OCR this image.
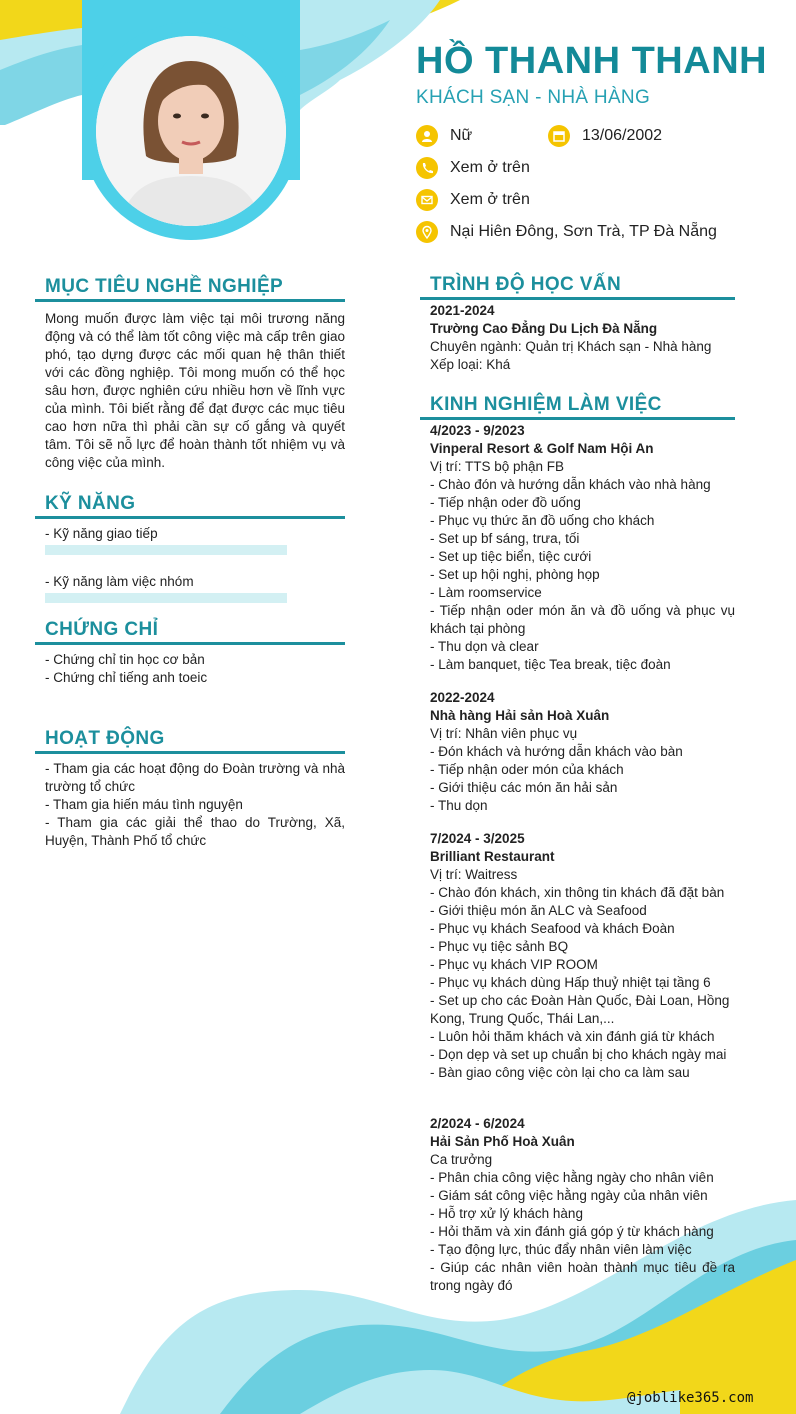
HỒ THANH THANH
KHÁCH SẠN - NHÀ HÀNG
Nữ	13/06/2002
Xem ở trên
Xem ở trên
Nại Hiên Đông, Sơn Trà, TP Đà Nẵng
MỤC TIÊU NGHỀ NGHIỆP
Mong muốn được làm việc tại môi trương năng động và có thể làm tốt công việc mà cấp trên giao phó, tạo dựng được các mối quan hệ thân thiết với các đồng nghiệp. Tôi mong muốn có thể học sâu hơn, được nghiên cứu nhiều hơn về lĩnh vực của mình. Tôi biết rằng để đạt được các mục tiêu cao hơn nữa thì phải cần sự cố gắng và quyết tâm. Tôi sẽ nỗ lực để hoàn thành tốt nhiệm vụ và công việc của mình.
KỸ NĂNG
- Kỹ năng giao tiếp
- Kỹ năng làm việc nhóm
CHỨNG CHỈ
- Chứng chỉ tin học cơ bản
- Chứng chỉ tiếng anh toeic
HOẠT ĐỘNG
- Tham gia các hoạt động do Đoàn trường và nhà trường tổ chức
- Tham gia hiến máu tình nguyện
- Tham gia các giải thể thao do Trường, Xã, Huyện, Thành Phố tổ chức
TRÌNH ĐỘ HỌC VẤN
2021-2024
Trường Cao Đẳng Du Lịch Đà Nẵng
Chuyên ngành: Quản trị Khách sạn - Nhà hàng
Xếp loại: Khá
KINH NGHIỆM LÀM VIỆC
4/2023 - 9/2023
Vinperal Resort & Golf Nam Hội An
Vị trí: TTS bộ phận FB
- Chào đón và hướng dẫn khách vào nhà hàng
- Tiếp nhận oder đồ uống
- Phục vụ thức ăn đồ uống cho khách
- Set up bf sáng, trưa, tối
- Set up tiệc biển, tiệc cưới
- Set up hội nghị, phòng họp
- Làm roomservice
- Tiếp nhận oder món ăn và đồ uống và phục vụ khách tại phòng
- Thu dọn và clear
- Làm banquet, tiệc Tea break, tiệc đoàn
2022-2024
Nhà hàng Hải sản Hoà Xuân
Vị trí: Nhân viên phục vụ
- Đón khách và hướng dẫn khách vào bàn
- Tiếp nhận oder món của khách
- Giới thiệu các món ăn hải sản
- Thu dọn
7/2024 - 3/2025
Brilliant Restaurant
Vị trí: Waitress
- Chào đón khách, xin thông tin khách đã đặt bàn
- Giới thiệu món ăn ALC và Seafood
- Phục vụ khách Seafood và khách Đoàn
- Phục vụ tiệc sảnh BQ
- Phục vụ khách VIP ROOM
- Phục vụ khách dùng Hấp thuỷ nhiệt tại tầng 6
- Set up cho các Đoàn Hàn Quốc, Đài Loan, Hồng Kong, Trung Quốc, Thái Lan,...
- Luôn hỏi thăm khách và xin đánh giá từ khách
- Dọn dẹp và set up chuẩn bị cho khách ngày mai
- Bàn giao công việc còn lại cho ca làm sau
2/2024 - 6/2024
Hải Sản Phố Hoà Xuân
Ca trưởng
- Phân chia công việc hằng ngày cho nhân viên
- Giám sát công việc hằng ngày của nhân viên
- Hỗ trợ xử lý khách hàng
- Hỏi thăm và xin đánh giá góp ý từ khách hàng
- Tạo động lực, thúc đẩy nhân viên làm việc
- Giúp các nhân viên hoàn thành mục tiêu đề ra trong ngày đó
@joblike365.com
